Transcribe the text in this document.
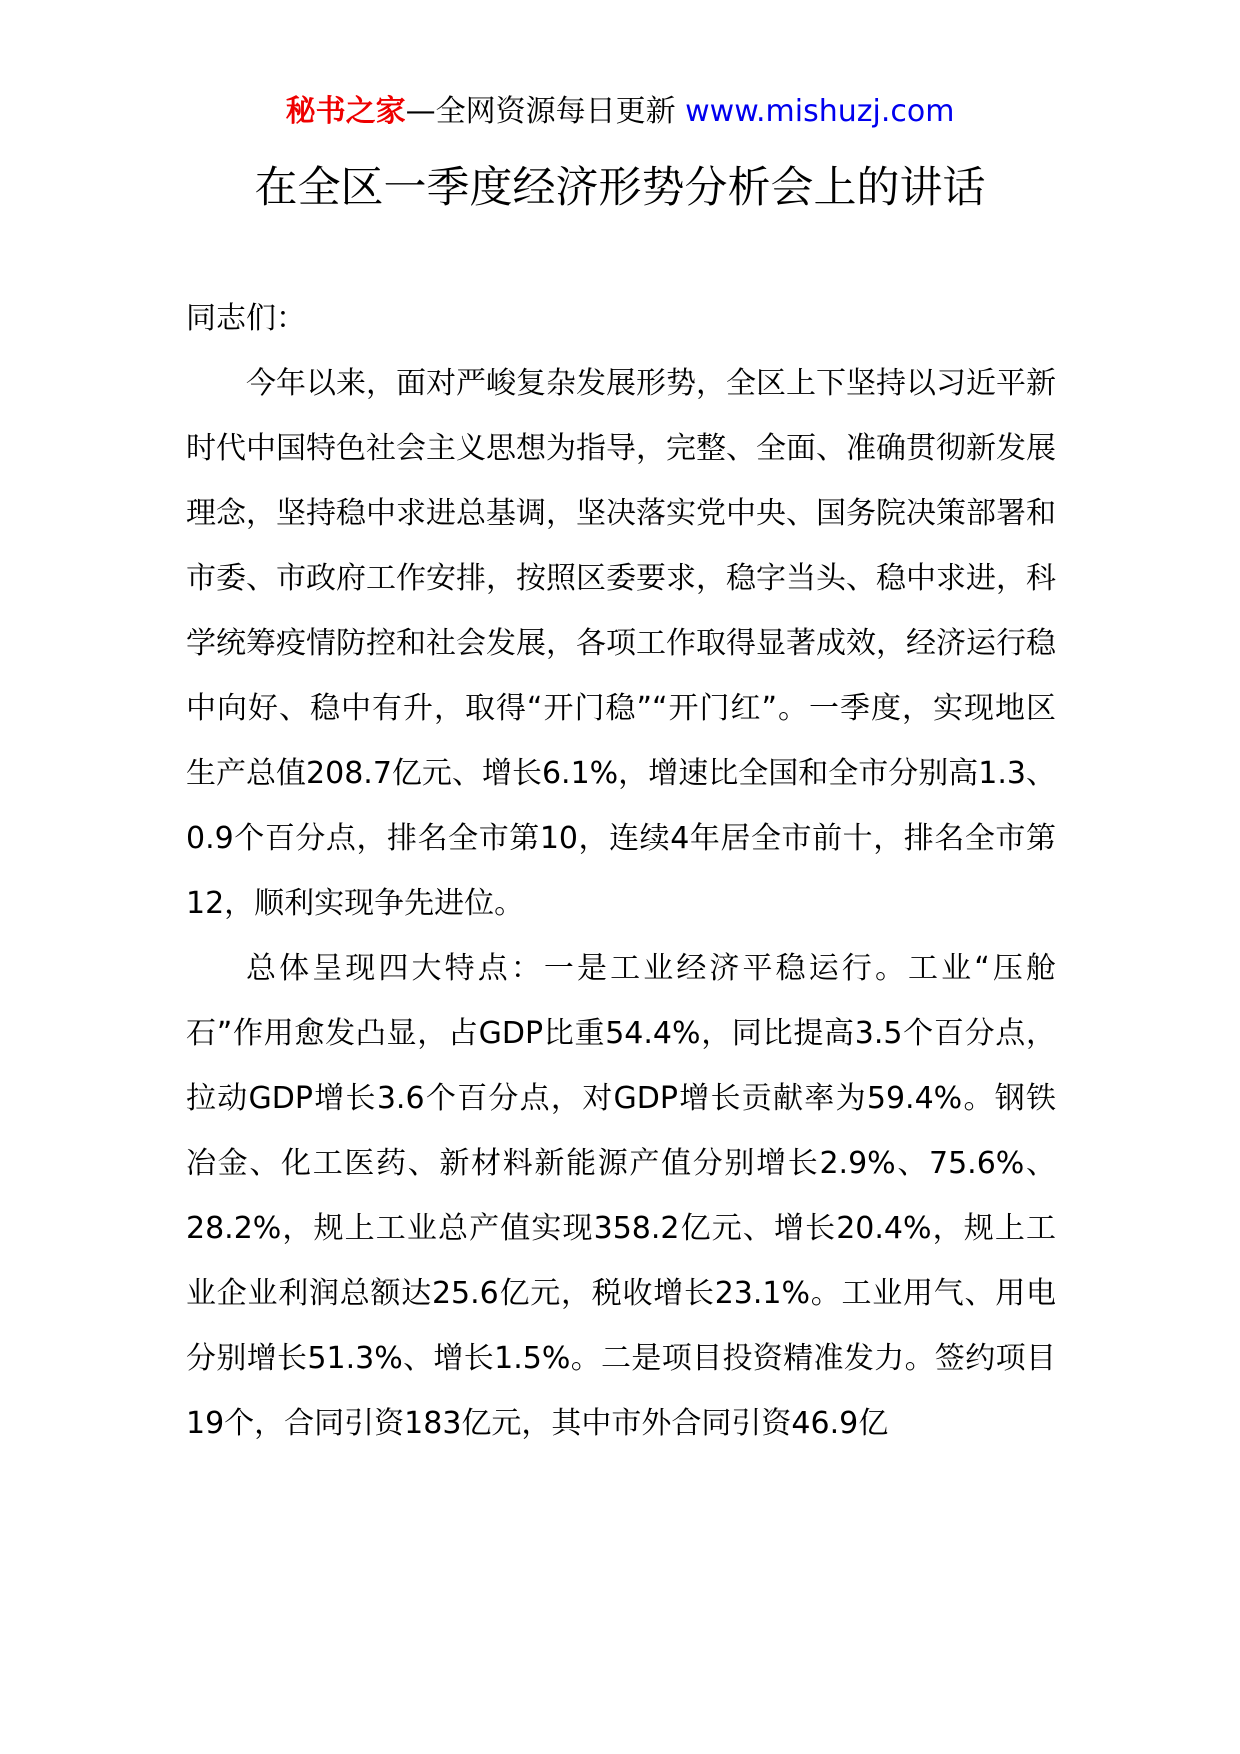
秘书之家—全网资源每日更新 www.mishuzj.com
在全区一季度经济形势分析会上的讲话

同志们：

今年以来，面对严峻复杂发展形势，全区上下坚持以习近平新时代中国特色社会主义思想为指导，完整、全面、准确贯彻新发展理念，坚持稳中求进总基调，坚决落实党中央、国务院决策部署和市委、市政府工作安排，按照区委要求，稳字当头、稳中求进，科学统筹疫情防控和社会发展，各项工作取得显著成效，经济运行稳中向好、稳中有升，取得“开门稳”“开门红”。一季度，实现地区生产总值208.7亿元、增长6.1%，增速比全国和全市分别高1.3、0.9个百分点，排名全市第10，连续4年居全市前十，排名全市第12，顺利实现争先进位。

总体呈现四大特点：一是工业经济平稳运行。工业“压舱石”作用愈发凸显，占GDP比重54.4%，同比提高3.5个百分点，拉动GDP增长3.6个百分点，对GDP增长贡献率为59.4%。钢铁冶金、化工医药、新材料新能源产值分别增长2.9%、75.6%、28.2%，规上工业总产值实现358.2亿元、增长20.4%，规上工业企业利润总额达25.6亿元，税收增长23.1%。工业用气、用电分别增长51.3%、增长1.5%。二是项目投资精准发力。签约项目19个，合同引资183亿元，其中市外合同引资46.9亿
